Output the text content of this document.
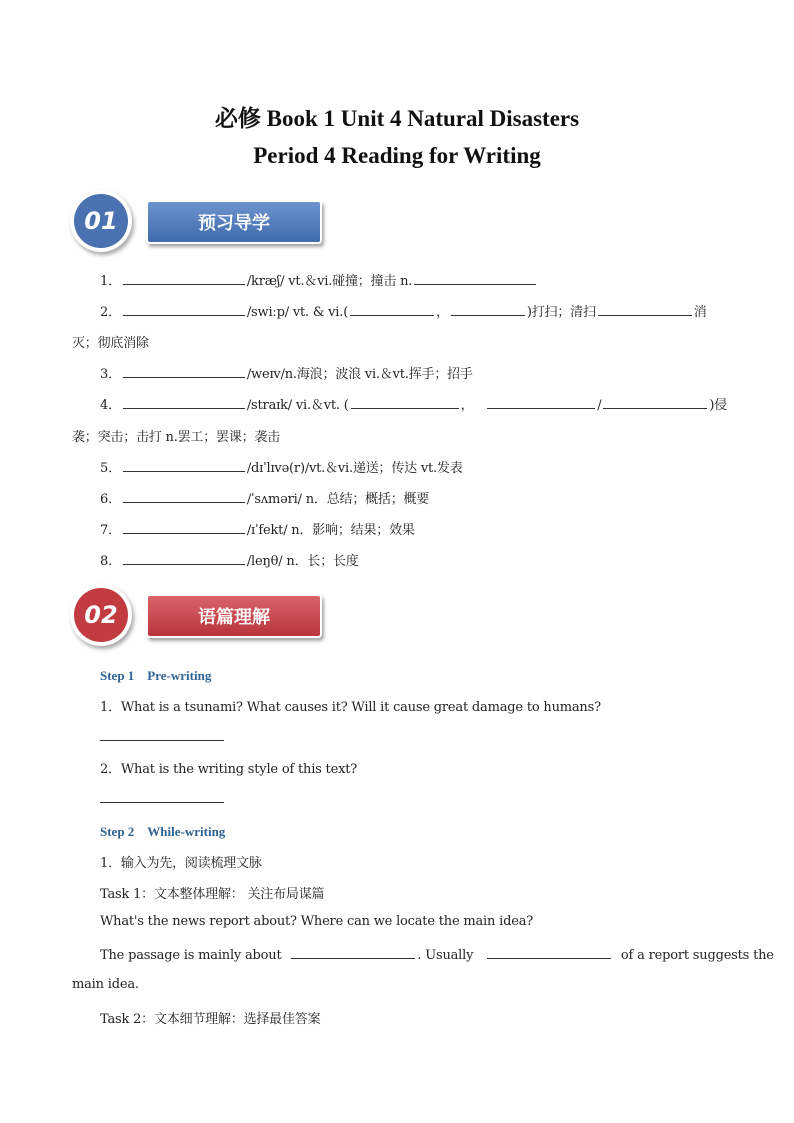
必修 Book 1 Unit 4 Natural Disasters
Period 4 Reading for Writing
01	预习导学
1．	/kræʃ/ vt.＆vi.碰撞；撞击 n.
2．	/swiːp/ vt. & vi.(	，	)打扫；清扫	消
灭；彻底消除
3．	/weɪv/n.海浪；波浪 vi.＆vt.挥手；招手
4．	/straɪk/ vi.＆vt. (	，	/	)侵
袭；突击；击打 n.罢工；罢课；袭击
5．	/dɪˈlɪvə(r)/vt.＆vi.递送；传达 vt.发表
6．	/ˈsʌməri/ n．总结；概括；概要
7．	/ɪˈfekt/ n．影响；结果；效果
8．	/leŋθ/ n．长；长度
02	语篇理解
Step 1　Pre-writing
1．What is a tsunami? What causes it? Will it cause great damage to humans?
2．What is the writing style of this text?
Step 2　While-writing
1．输入为先，阅读梳理文脉
Task 1：文本整体理解： 关注布局谋篇
What's the news report about? Where can we locate the main idea?
The passage is mainly about	. Usually	of a report suggests the
main idea.
Task 2：文本细节理解：选择最佳答案
